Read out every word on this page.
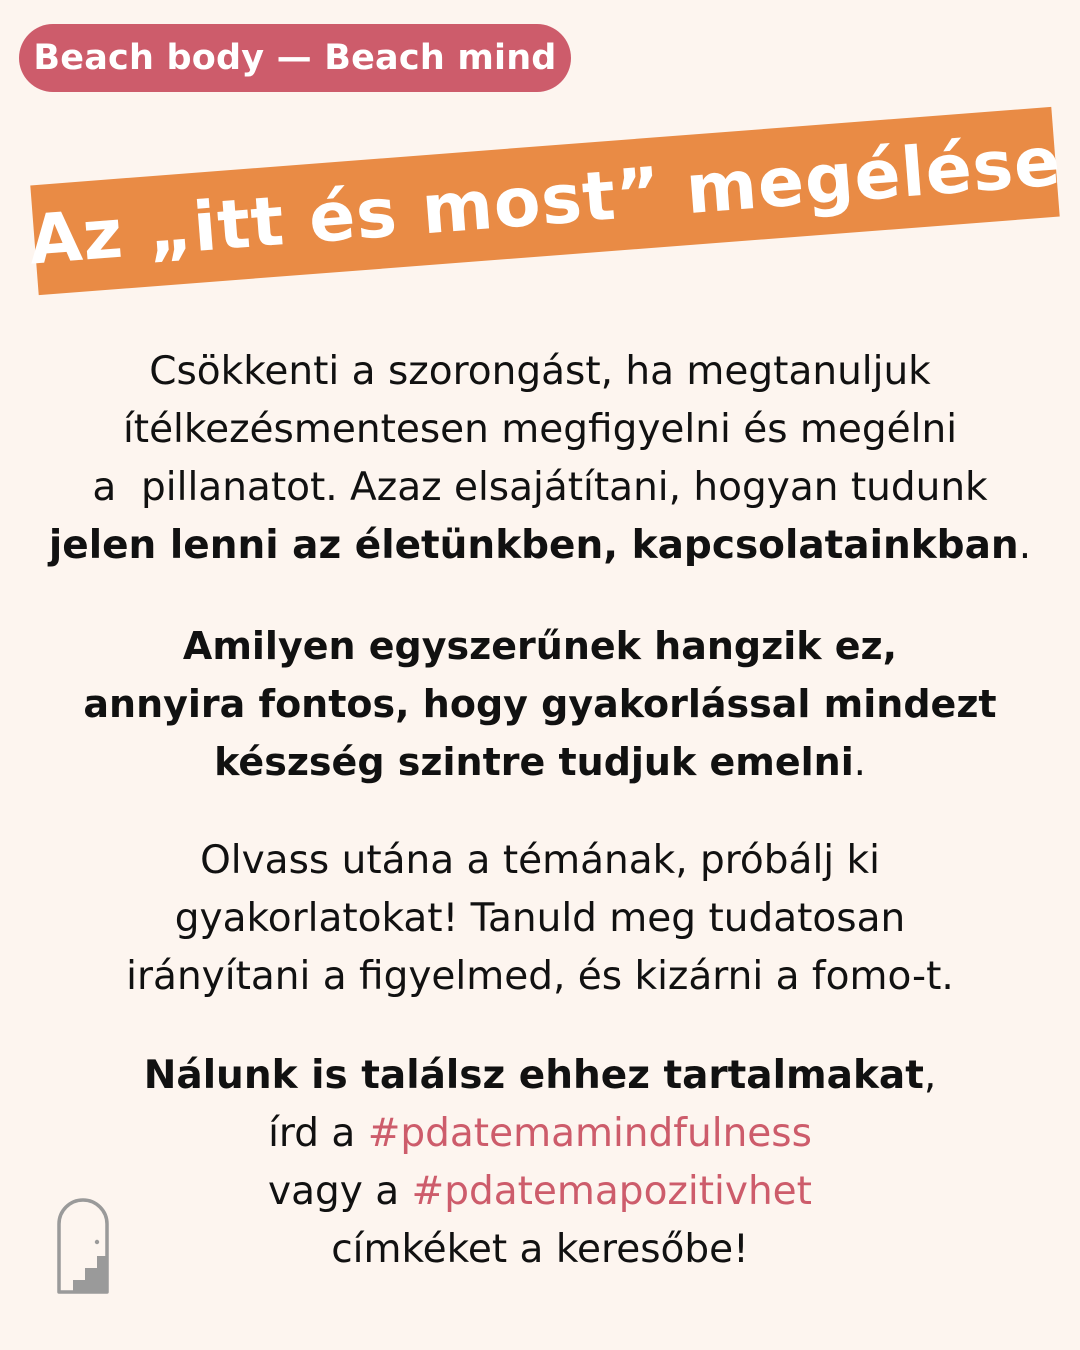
Beach body — Beach mind
Az „itt és most” megélése

Csökkenti a szorongást, ha megtanuljuk
ítélkezésmentesen megfigyelni és megélni
a  pillanatot. Azaz elsajátítani, hogyan tudunk
jelen lenni az életünkben, kapcsolatainkban.

Amilyen egyszerűnek hangzik ez,
annyira fontos, hogy gyakorlással mindezt
készség szintre tudjuk emelni.

Olvass utána a témának, próbálj ki
gyakorlatokat! Tanuld meg tudatosan
irányítani a figyelmed, és kizárni a fomo-t.

Nálunk is találsz ehhez tartalmakat,
írd a #pdatemamindfulness
vagy a #pdatemapozitivhet
címkéket a keresőbe!
